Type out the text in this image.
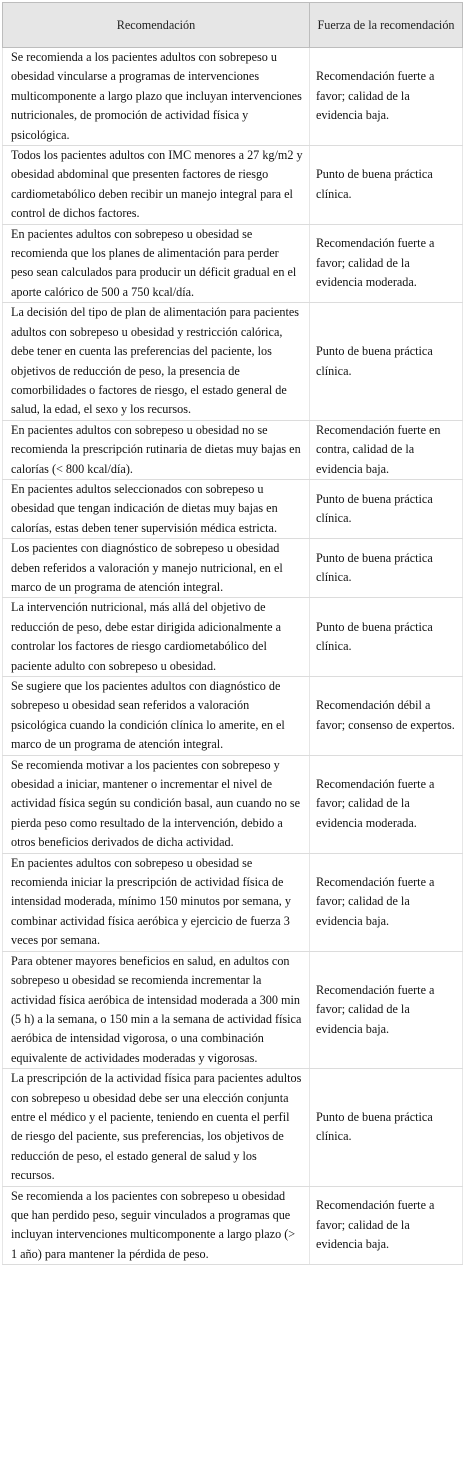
Recomendación	Fuerza de la recomendación
Se recomienda a los pacientes adultos con sobrepeso u obesidad vincularse a programas de intervenciones multicomponente a largo plazo que incluyan intervenciones nutricionales, de promoción de actividad física y psicológica.	Recomendación fuerte a favor; calidad de la evidencia baja.
Todos los pacientes adultos con IMC menores a 27 kg/m2 y obesidad abdominal que presenten factores de riesgo cardiometabólico deben recibir un manejo integral para el control de dichos factores.	Punto de buena práctica clínica.
En pacientes adultos con sobrepeso u obesidad se recomienda que los planes de alimentación para perder peso sean calculados para producir un déficit gradual en el aporte calórico de 500 a 750 kcal/día.	Recomendación fuerte a favor; calidad de la evidencia moderada.
La decisión del tipo de plan de alimentación para pacientes adultos con sobrepeso u obesidad y restricción calórica, debe tener en cuenta las preferencias del paciente, los objetivos de reducción de peso, la presencia de comorbilidades o factores de riesgo, el estado general de salud, la edad, el sexo y los recursos.	Punto de buena práctica clínica.
En pacientes adultos con sobrepeso u obesidad no se recomienda la prescripción rutinaria de dietas muy bajas en calorías (< 800 kcal/día).	Recomendación fuerte en contra, calidad de la evidencia baja.
En pacientes adultos seleccionados con sobrepeso u obesidad que tengan indicación de dietas muy bajas en calorías, estas deben tener supervisión médica estricta.	Punto de buena práctica clínica.
Los pacientes con diagnóstico de sobrepeso u obesidad deben referidos a valoración y manejo nutricional, en el marco de un programa de atención integral.	Punto de buena práctica clínica.
La intervención nutricional, más allá del objetivo de reducción de peso, debe estar dirigida adicionalmente a controlar los factores de riesgo cardiometabólico del paciente adulto con sobrepeso u obesidad.	Punto de buena práctica clínica.
Se sugiere que los pacientes adultos con diagnóstico de sobrepeso u obesidad sean referidos a valoración psicológica cuando la condición clínica lo amerite, en el marco de un programa de atención integral.	Recomendación débil a favor; consenso de expertos.
Se recomienda motivar a los pacientes con sobrepeso y obesidad a iniciar, mantener o incrementar el nivel de actividad física según su condición basal, aun cuando no se pierda peso como resultado de la intervención, debido a otros beneficios derivados de dicha actividad.	Recomendación fuerte a favor; calidad de la evidencia moderada.
En pacientes adultos con sobrepeso u obesidad se recomienda iniciar la prescripción de actividad física de intensidad moderada, mínimo 150 minutos por semana, y combinar actividad física aeróbica y ejercicio de fuerza 3 veces por semana.	Recomendación fuerte a favor; calidad de la evidencia baja.
Para obtener mayores beneficios en salud, en adultos con sobrepeso u obesidad se recomienda incrementar la actividad física aeróbica de intensidad moderada a 300 min (5 h) a la semana, o 150 min a la semana de actividad física aeróbica de intensidad vigorosa, o una combinación equivalente de actividades moderadas y vigorosas.	Recomendación fuerte a favor; calidad de la evidencia baja.
La prescripción de la actividad física para pacientes adultos con sobrepeso u obesidad debe ser una elección conjunta entre el médico y el paciente, teniendo en cuenta el perfil de riesgo del paciente, sus preferencias, los objetivos de reducción de peso, el estado general de salud y los recursos.	Punto de buena práctica clínica.
Se recomienda a los pacientes con sobrepeso u obesidad que han perdido peso, seguir vinculados a programas que incluyan intervenciones multicomponente a largo plazo (> 1 año) para mantener la pérdida de peso.	Recomendación fuerte a favor; calidad de la evidencia baja.
